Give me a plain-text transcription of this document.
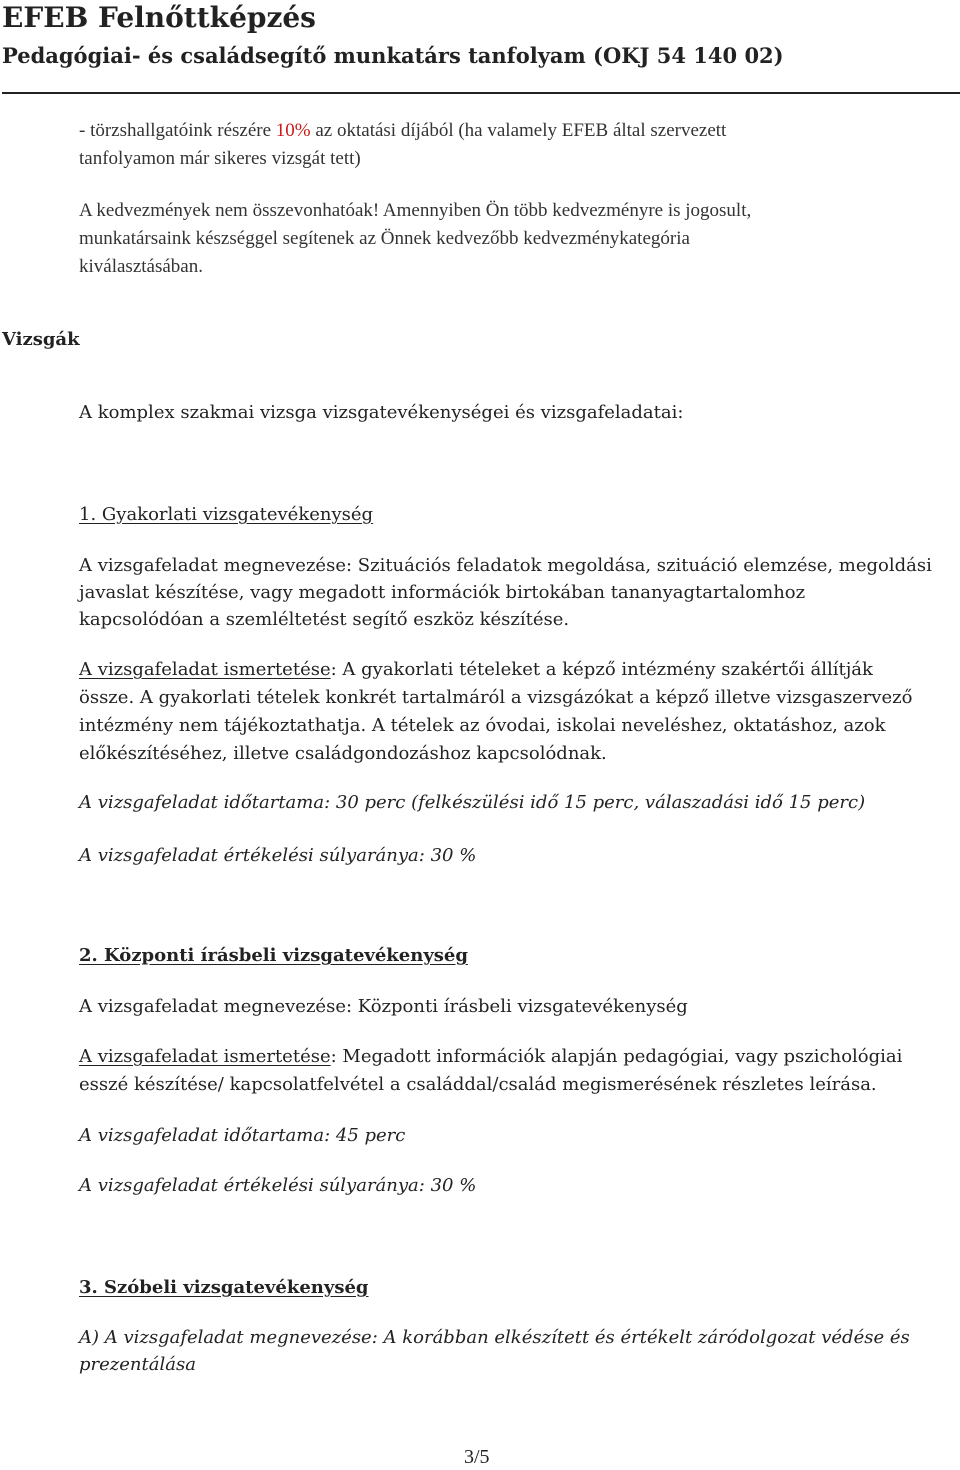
EFEB Felnőttképzés
Pedagógiai- és családsegítő munkatárs tanfolyam (OKJ 54 140 02)
- törzshallgatóink részére 10% az oktatási díjából (ha valamely EFEB által szervezett
tanfolyamon már sikeres vizsgát tett)
A kedvezmények nem összevonhatóak! Amennyiben Ön több kedvezményre is jogosult,
munkatársaink készséggel segítenek az Önnek kedvezőbb kedvezménykategória
kiválasztásában.
Vizsgák
A komplex szakmai vizsga vizsgatevékenységei és vizsgafeladatai:
1. Gyakorlati vizsgatevékenység
A vizsgafeladat megnevezése: Szituációs feladatok megoldása, szituáció elemzése, megoldási
javaslat készítése, vagy megadott információk birtokában tananyagtartalomhoz
kapcsolódóan a szemléltetést segítő eszköz készítése.
A vizsgafeladat ismertetése: A gyakorlati tételeket a képző intézmény szakértői állítják
össze. A gyakorlati tételek konkrét tartalmáról a vizsgázókat a képző illetve vizsgaszervező
intézmény nem tájékoztathatja. A tételek az óvodai, iskolai neveléshez, oktatáshoz, azok
előkészítéséhez, illetve családgondozáshoz kapcsolódnak.
A vizsgafeladat időtartama: 30 perc (felkészülési idő 15 perc, válaszadási idő 15 perc)
A vizsgafeladat értékelési súlyaránya: 30 %
2. Központi írásbeli vizsgatevékenység
A vizsgafeladat megnevezése: Központi írásbeli vizsgatevékenység
A vizsgafeladat ismertetése: Megadott információk alapján pedagógiai, vagy pszichológiai
esszé készítése/ kapcsolatfelvétel a családdal/család megismerésének részletes leírása.
A vizsgafeladat időtartama: 45 perc
A vizsgafeladat értékelési súlyaránya: 30 %
3. Szóbeli vizsgatevékenység
A) A vizsgafeladat megnevezése: A korábban elkészített és értékelt záródolgozat védése és
prezentálása
3/5
